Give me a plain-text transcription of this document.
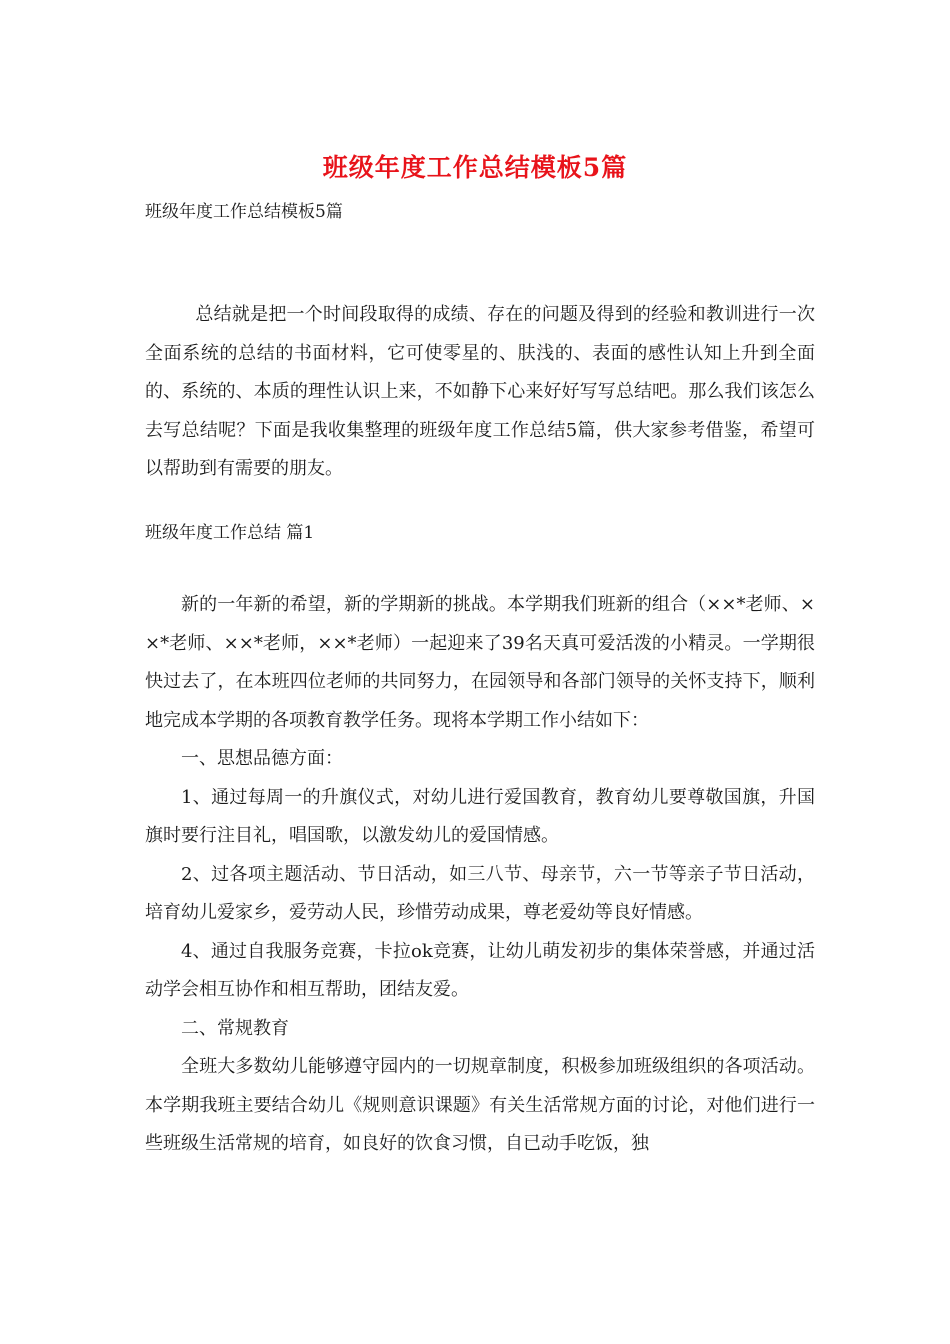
班级年度工作总结模板5篇
班级年度工作总结模板5篇

总结就是把一个时间段取得的成绩、存在的问题及得到的经验和教训进行一次全面系统的总结的书面材料，它可使零星的、肤浅的、表面的感性认知上升到全面的、系统的、本质的理性认识上来，不如静下心来好好写写总结吧。那么我们该怎么去写总结呢？下面是我收集整理的班级年度工作总结5篇，供大家参考借鉴，希望可以帮助到有需要的朋友。

班级年度工作总结 篇1

新的一年新的希望，新的学期新的挑战。本学期我们班新的组合（××*老师、××*老师、××*老师，××*老师）一起迎来了39名天真可爱活泼的小精灵。一学期很快过去了，在本班四位老师的共同努力，在园领导和各部门领导的关怀支持下，顺利地完成本学期的各项教育教学任务。现将本学期工作小结如下：

一、思想品德方面：

1、通过每周一的升旗仪式，对幼儿进行爱国教育，教育幼儿要尊敬国旗，升国旗时要行注目礼，唱国歌，以激发幼儿的爱国情感。

2、过各项主题活动、节日活动，如三八节、母亲节，六一节等亲子节日活动，培育幼儿爱家乡，爱劳动人民，珍惜劳动成果，尊老爱幼等良好情感。

4、通过自我服务竞赛，卡拉ok竞赛，让幼儿萌发初步的集体荣誉感，并通过活动学会相互协作和相互帮助，团结友爱。

二、常规教育

全班大多数幼儿能够遵守园内的一切规章制度，积极参加班级组织的各项活动。本学期我班主要结合幼儿《规则意识课题》有关生活常规方面的讨论，对他们进行一些班级生活常规的培育，如良好的饮食习惯，自已动手吃饭，独
